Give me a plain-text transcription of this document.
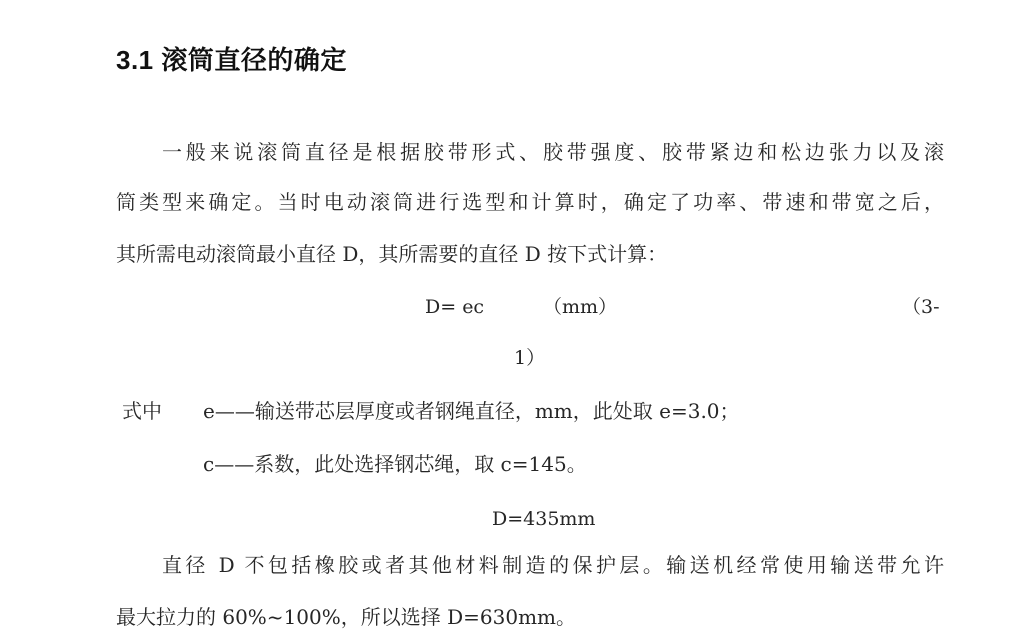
3.1 滚筒直径的确定
一般来说滚筒直径是根据胶带形式、胶带强度、胶带紧边和松边张力以及滚
筒类型来确定。当时电动滚筒进行选型和计算时，确定了功率、带速和带宽之后，
其所需电动滚筒最小直径 D，其所需要的直径 D 按下式计算：
D= ec	（mm）	（3-
1）
式中 e——输送带芯层厚度或者钢绳直径，mm，此处取 e=3.0；
c——系数，此处选择钢芯绳，取 c=145。
D=435mm
直径 D 不包括橡胶或者其他材料制造的保护层。输送机经常使用输送带允许
最大拉力的 60%~100%，所以选择 D=630mm。
